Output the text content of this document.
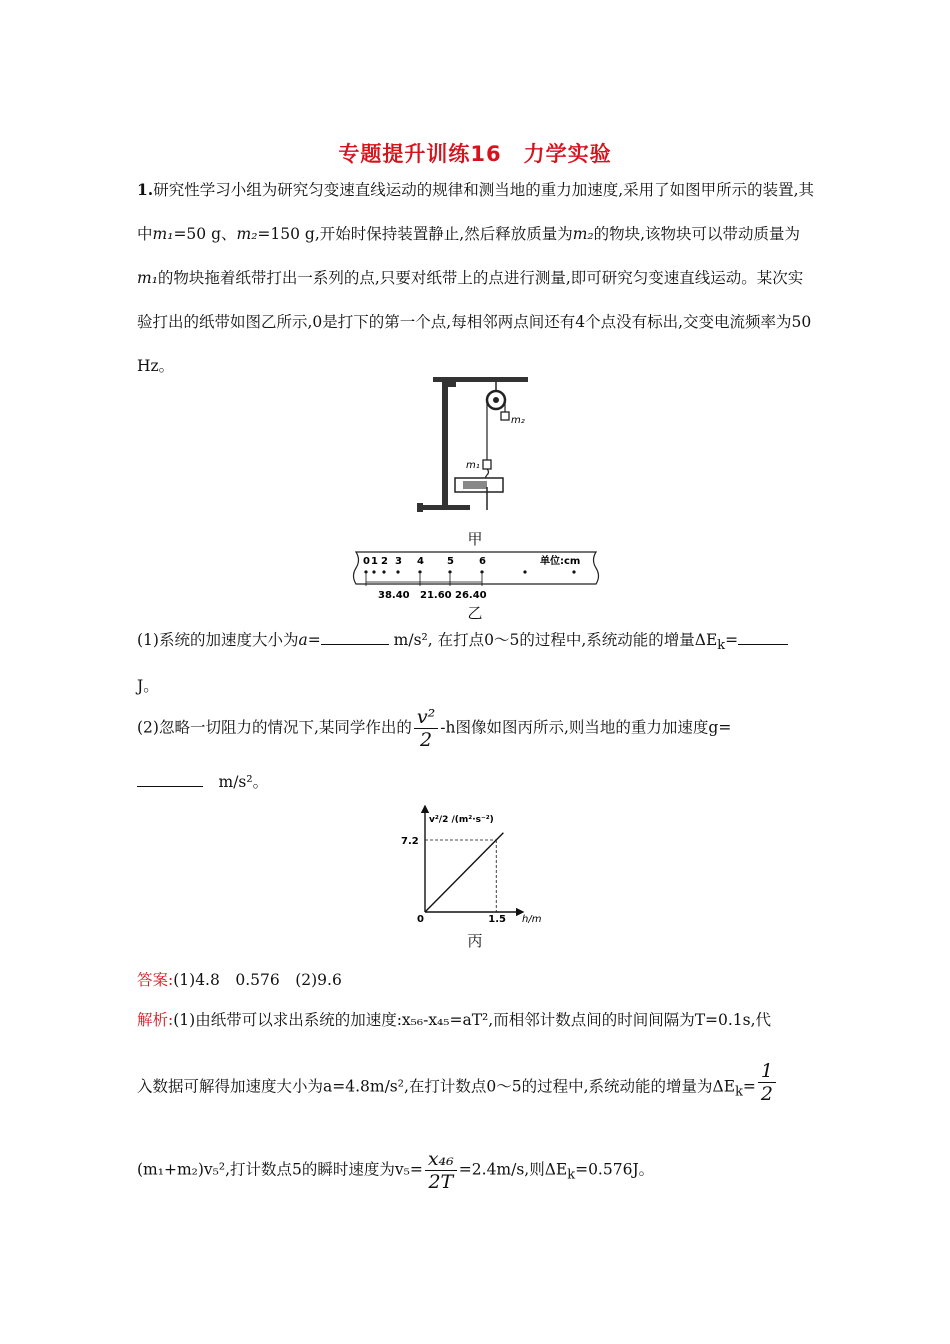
专题提升训练16　力学实验
1.研究性学习小组为研究匀变速直线运动的规律和测当地的重力加速度,采用了如图甲所示的装置,其中m₁=50 g、m₂=150 g,开始时保持装置静止,然后释放质量为m₂的物块,该物块可以带动质量为m₁的物块拖着纸带打出一系列的点,只要对纸带上的点进行测量,即可研究匀变速直线运动。某次实验打出的纸带如图乙所示,0是打下的第一个点,每相邻两点间还有4个点没有标出,交变电流频率为50 Hz。
m₂
m₁
甲
0 1 2 3 4 5	6	单位:cm
38.40 21.60 26.40
乙
(1)系统的加速度大小为a=	m/s², 在打点0～5的过程中,系统动能的增量$\Delta E_k=$
J。
(2)忽略一切阻力的情况下,某同学作出的 $\frac{\text{v²}}{2} -h$图像如图丙所示,则当地的重力加速度g=
　m/s²。
v²/2 /(m²·s⁻²)
h/m
0
7.2
1.5
丙
答案:(1)4.8　0.576　(2)9.6
解析:(1)由纸带可以求出系统的加速度:x₅₆-x₄₅=aT²,而相邻计数点间的时间间隔为T=0.1s,代
入数据可解得加速度大小为a=4.8m/s²,在打计数点0～5的过程中,系统动能的增量为$\Delta E_k= \frac{1}{2}$
(m₁+m₂)v₅²,打计数点5的瞬时速度为$v_5= \frac{\text{x₄₆}}{2T} =2.4m/s$,则$\Delta E_k=0.576J$。
